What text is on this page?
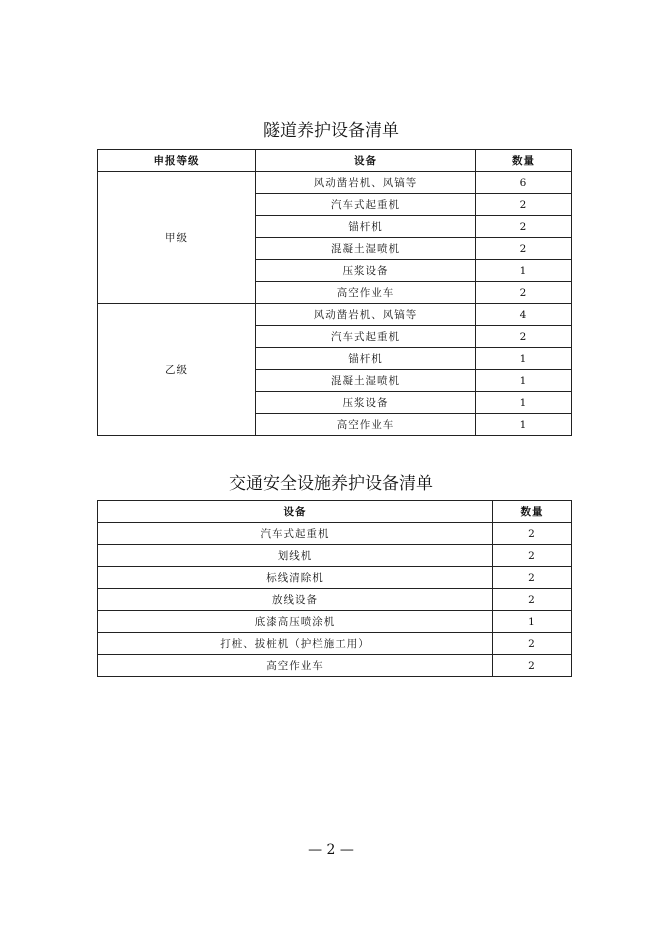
隧道养护设备清单
申报等级	设备	数量
甲级	风动凿岩机、风镐等	6
	汽车式起重机	2
	锚杆机	2
	混凝土湿喷机	2
	压浆设备	1
	高空作业车	2
乙级	风动凿岩机、风镐等	4
	汽车式起重机	2
	锚杆机	1
	混凝土湿喷机	1
	压浆设备	1
	高空作业车	1
交通安全设施养护设备清单
设备	数量
汽车式起重机	2
划线机	2
标线清除机	2
放线设备	2
底漆高压喷涂机	1
打桩、拔桩机（护栏施工用）	2
高空作业车	2
— 2 —
